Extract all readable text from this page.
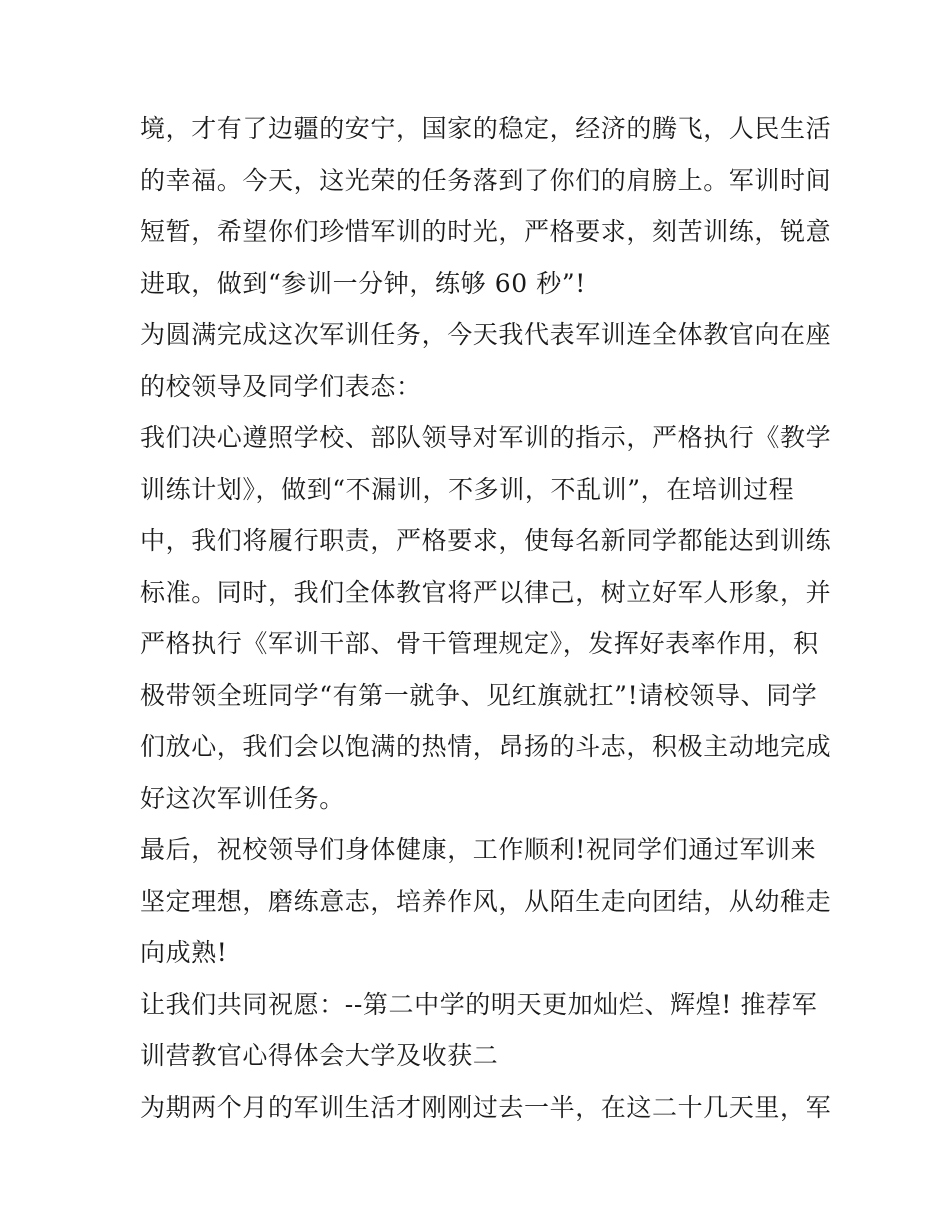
境，才有了边疆的安宁，国家的稳定，经济的腾飞，人民生活
的幸福。今天，这光荣的任务落到了你们的肩膀上。军训时间
短暂，希望你们珍惜军训的时光，严格要求，刻苦训练，锐意
进取，做到“参训一分钟，练够 60 秒”!
为圆满完成这次军训任务，今天我代表军训连全体教官向在座
的校领导及同学们表态：
我们决心遵照学校、部队领导对军训的指示，严格执行《教学
训练计划》，做到“不漏训，不多训，不乱训”，在培训过程
中，我们将履行职责，严格要求，使每名新同学都能达到训练
标准。同时，我们全体教官将严以律己，树立好军人形象，并
严格执行《军训干部、骨干管理规定》，发挥好表率作用，积
极带领全班同学“有第一就争、见红旗就扛”!请校领导、同学
们放心，我们会以饱满的热情，昂扬的斗志，积极主动地完成
好这次军训任务。
最后，祝校领导们身体健康，工作顺利!祝同学们通过军训来
坚定理想，磨练意志，培养作风，从陌生走向团结，从幼稚走
向成熟!
让我们共同祝愿：--第二中学的明天更加灿烂、辉煌! 推荐军
训营教官心得体会大学及收获二
为期两个月的军训生活才刚刚过去一半，在这二十几天里，军
